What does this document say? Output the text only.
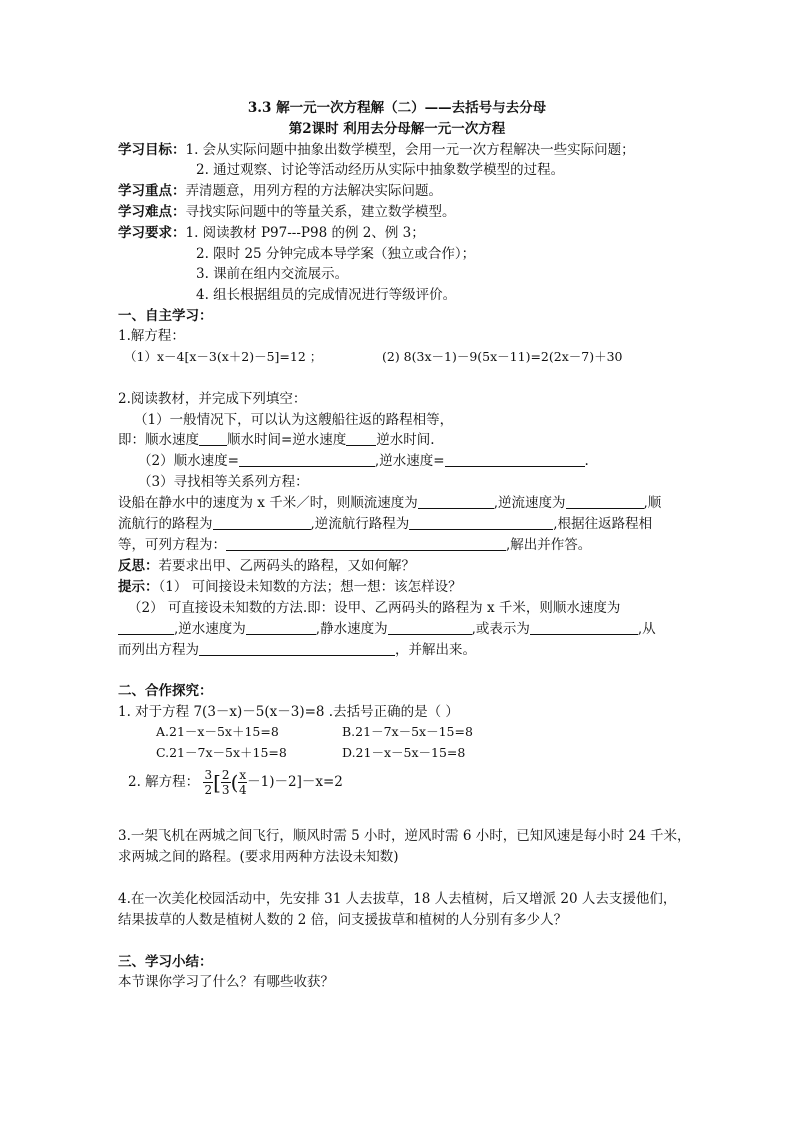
3.3 解一元一次方程解（二）——去括号与去分母
第2课时 利用去分母解一元一次方程
学习目标：1. 会从实际问题中抽象出数学模型，会用一元一次方程解决一些实际问题；
2. 通过观察、讨论等活动经历从实际中抽象数学模型的过程。
学习重点：弄清题意，用列方程的方法解决实际问题。
学习难点：寻找实际问题中的等量关系，建立数学模型。
学习要求：1. 阅读教材 P97---P98 的例 2、例 3；
2. 限时 25 分钟完成本导学案（独立或合作）；
3. 课前在组内交流展示。
4. 组长根据组员的完成情况进行等级评价。
一、自主学习：
1.解方程：
（1）x－4[x－3(x＋2)－5]=12 ；	(2) 8(3x－1)－9(5x－11)=2(2x－7)＋30
2.阅读教材，并完成下列填空：
（1）一般情况下，可以认为这艘船往返的路程相等，
即：顺水速度 顺水时间=逆水速度 逆水时间.
（2）顺水速度=	,逆水速度=	.
（3）寻找相等关系列方程：
设船在静水中的速度为 x 千米／时，则顺流速度为	,逆流速度为	,顺
流航行的路程为	,逆流航行路程为	,根据往返路程相
等，可列方程为：	,解出并作答。
反思：若要求出甲、乙两码头的路程，又如何解？
提示：（1） 可间接设未知数的方法；想一想：该怎样设？
（2） 可直接设未知数的方法.即：设甲、乙两码头的路程为 x 千米，则顺水速度为
,逆水速度为	,静水速度为	,或表示为	,从
而列出方程为	，并解出来。
二、合作探究：
1. 对于方程 7(3－x)－5(x－3)=8 .去括号正确的是（ ）
A.21－x－5x＋15=8	B.21－7x－5x－15=8
C.21－7x－5x＋15=8	D.21－x－5x－15=8
2. 解方程： $\frac{3}{2}$ [ $\frac{2}{3}$ ( $\frac{x}{4} -1)-2]-x=2$
3.一架飞机在两城之间飞行，顺风时需 5 小时，逆风时需 6 小时，已知风速是每小时 24 千米，
求两城之间的路程。(要求用两种方法设未知数)
4.在一次美化校园活动中，先安排 31 人去拔草，18 人去植树，后又增派 20 人去支援他们，
结果拔草的人数是植树人数的 2 倍，问支援拔草和植树的人分别有多少人？
三、学习小结：
本节课你学习了什么？有哪些收获？
